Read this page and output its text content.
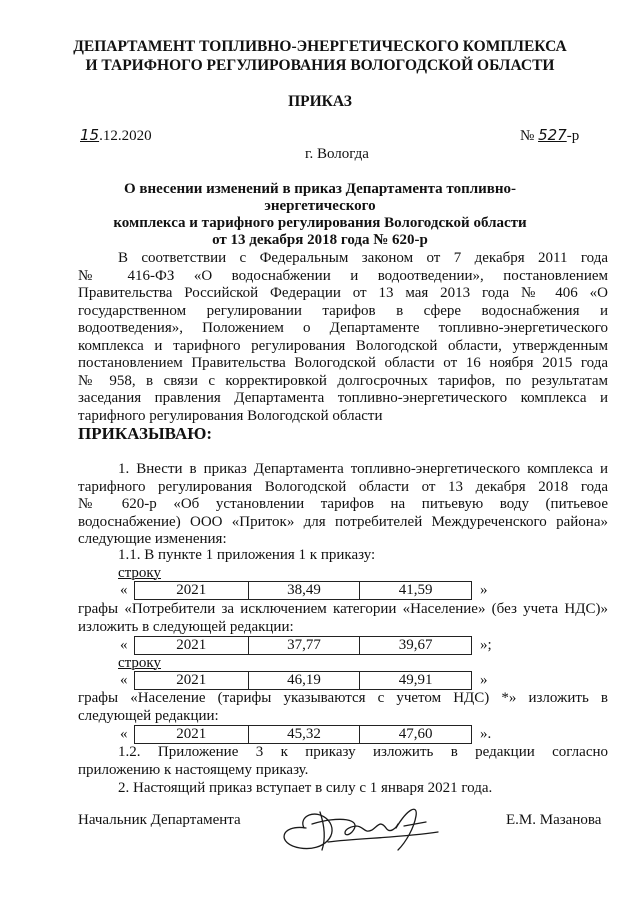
ДЕПАРТАМЕНТ ТОПЛИВНО-ЭНЕРГЕТИЧЕСКОГО КОМПЛЕКСА
И ТАРИФНОГО РЕГУЛИРОВАНИЯ ВОЛОГОДСКОЙ ОБЛАСТИ
ПРИКАЗ
15.12.2020	№ 527-р
г. Вологда
О внесении изменений в приказ Департамента топливно-энергетического
комплекса и тарифного регулирования Вологодской области
от 13 декабря 2018 года № 620-р
В соответствии с Федеральным законом от 7 декабря 2011 года
№ 416-ФЗ «О водоснабжении и водоотведении», постановлением
Правительства Российской Федерации от 13 мая 2013 года № 406 «О
государственном регулировании тарифов в сфере водоснабжения и
водоотведения», Положением о Департаменте топливно-энергетического
комплекса и тарифного регулирования Вологодской области, утвержденным
постановлением Правительства Вологодской области от 16 ноября 2015 года
№ 958, в связи с корректировкой долгосрочных тарифов, по результатам
заседания правления Департамента топливно-энергетического комплекса и
тарифного регулирования Вологодской области
ПРИКАЗЫВАЮ:
1. Внести в приказ Департамента топливно-энергетического комплекса и
тарифного регулирования Вологодской области от 13 декабря 2018 года
№ 620-р «Об установлении тарифов на питьевую воду (питьевое
водоснабжение) ООО «Приток» для потребителей Междуреченского района»
следующие изменения:
1.1. В пункте 1 приложения 1 к приказу:
строку
«	2021	38,49	41,59	»
графы «Потребители за исключением категории «Население» (без учета НДС)»
изложить в следующей редакции:
«	2021	37,77	39,67	»;
строку
«	2021	46,19	49,91	»
графы «Население (тарифы указываются с учетом НДС) *» изложить в
следующей редакции:
«	2021	45,32	47,60	».
1.2. Приложение 3 к приказу изложить в редакции согласно
приложению к настоящему приказу.
2. Настоящий приказ вступает в силу с 1 января 2021 года.
Начальник Департамента	Е.М. Мазанова
